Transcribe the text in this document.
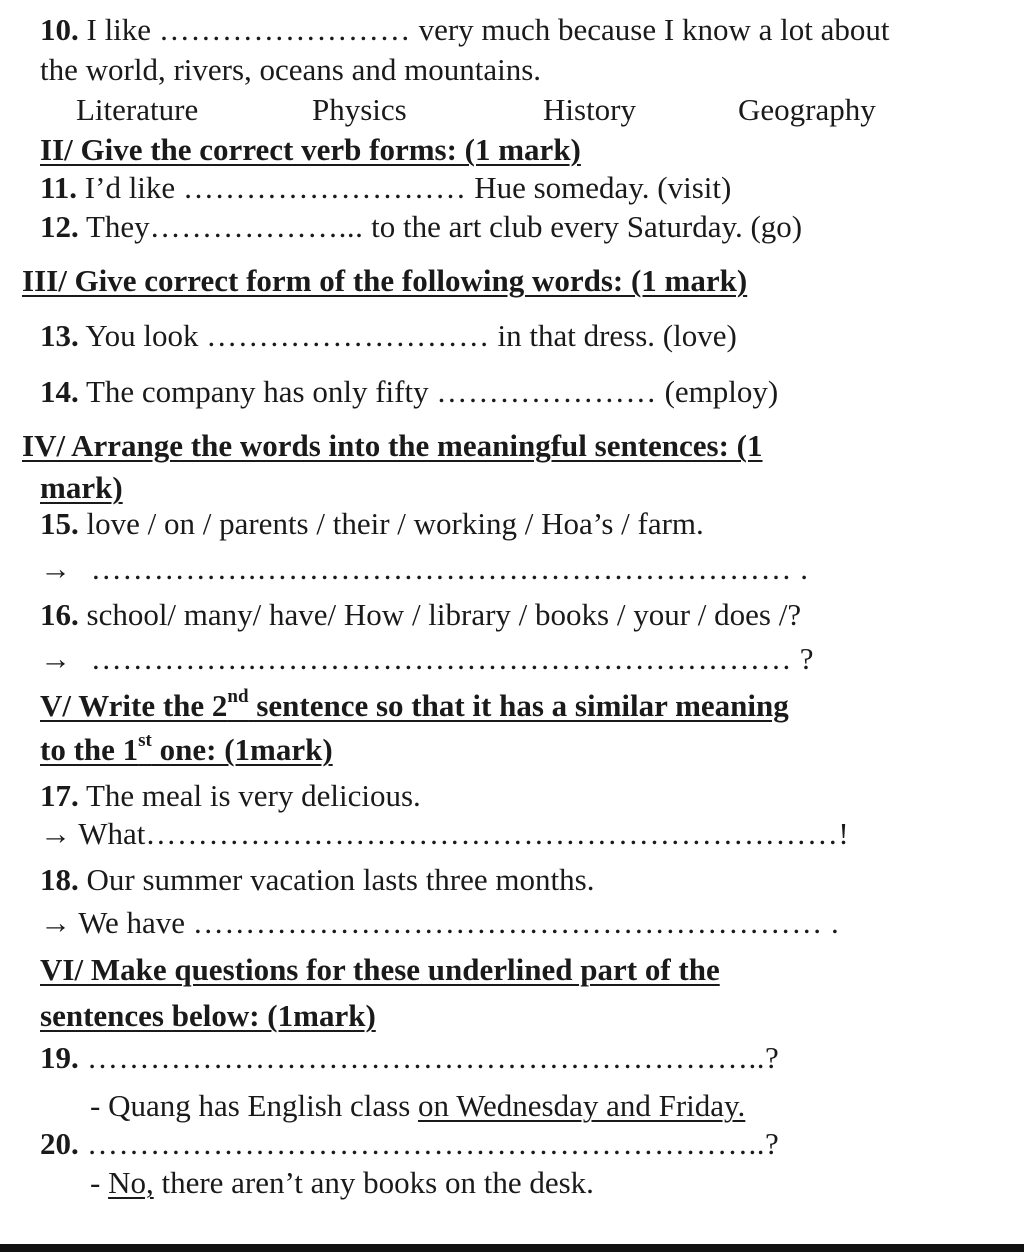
10. I like …………………… very much because I know a lot about
the world, rivers, oceans and mountains.
Literature	Physics	History	Geography
II/ Give the correct verb forms: (1 mark)
11. I’d like ……………………… Hue someday. (visit)
12. They………………... to the art club every Saturday. (go)
III/ Give correct form of the following words: (1 mark)
13. You look ……………………… in that dress. (love)
14. The company has only fifty ………………… (employ)
IV/ Arrange the words into the meaningful sentences: (1
mark)
15. love / on / parents / their / working / Hoa’s / farm.
→ …………….…………………………………………… .
16. school/ many/ have/ How / library / books / your / does /?
→ …………….…………………………………………… ?
V/ Write the 2nd sentence so that it has a similar meaning
to the 1st one: (1mark)
17. The meal is very delicious.
→ What…………………………………………………………!
18. Our summer vacation lasts three months.
→ We have …………………………………………………… .
VI/ Make questions for these underlined part of the
sentences below: (1mark)
19. ………………………………………………………..?
- Quang has English class on Wednesday and Friday.
20. ………………………………………………………..?
- No, there aren’t any books on the desk.
